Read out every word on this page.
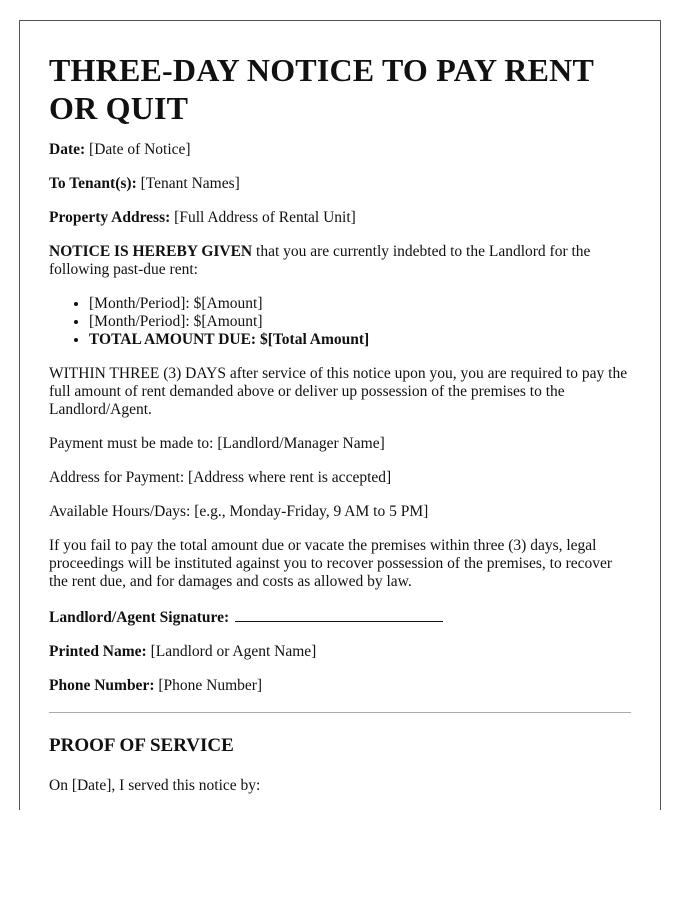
THREE-DAY NOTICE TO PAY RENT OR QUIT

Date: [Date of Notice]

To Tenant(s): [Tenant Names]

Property Address: [Full Address of Rental Unit]

NOTICE IS HEREBY GIVEN that you are currently indebted to the Landlord for the following past-due rent:

• [Month/Period]: $[Amount]
• [Month/Period]: $[Amount]
• TOTAL AMOUNT DUE: $[Total Amount]

WITHIN THREE (3) DAYS after service of this notice upon you, you are required to pay the full amount of rent demanded above or deliver up possession of the premises to the Landlord/Agent.

Payment must be made to: [Landlord/Manager Name]

Address for Payment: [Address where rent is accepted]

Available Hours/Days: [e.g., Monday-Friday, 9 AM to 5 PM]

If you fail to pay the total amount due or vacate the premises within three (3) days, legal proceedings will be instituted against you to recover possession of the premises, to recover the rent due, and for damages and costs as allowed by law.

Landlord/Agent Signature:

Printed Name: [Landlord or Agent Name]

Phone Number: [Phone Number]

PROOF OF SERVICE

On [Date], I served this notice by:
